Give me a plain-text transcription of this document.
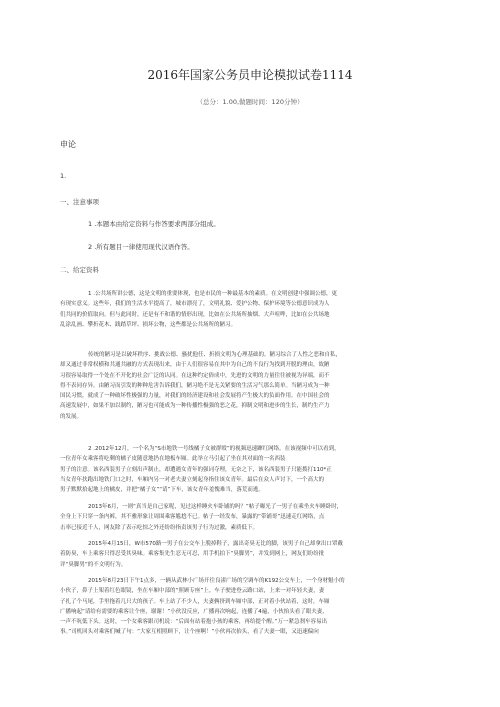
2016年国家公务员申论模拟试卷1114
（总分：1.00,做题时间：120分钟）
申论
1.
一、注意事项
1 .本题本由给定资料与作答要求两部分组成。
2 .所有题目一律使用现代汉语作答。
二、给定资料
1 .公共场所讲公德，这是文明的重要体现，也是市民的一种最基本的素质。在文明创建中强调公德，更
有现实意义。这些年，我们的生活水平提高了，城市漂亮了，文明礼貌、爱护公物、保护环境等公德意识成为人
们共同的价值取向。但与此同时，还是有不和谐的情形出现，比如在公共场所抽烟、大声喧哗，比如在公共场地
乱涂乱画、攀折花木、践踏草坪、损坏公物，这些都是公共场所的陋习。
传统的陋习是以破坏秩序、挑战公德、骚扰他任、折损文明为心理基础的。陋习综合了人性之恶和自私，
却又通过非常权横和共通共融的方式表现出来，由于人们很容易在其中为自己的不良行为找到开脱的理由，故陋
习很容易取得一个处在不开化的社会广泛的认同。在这种约定俗成中，先进的文明的力量往往被视为异端，而不
得不表同存异。由陋习而引发的种种危害告诉我们，陋习绝不是无关紧要的生活习气那么简单。当陋习成为一种
国民习惯，就成了一种破坏性极强的力量，对我们的经济建设和社会发展将产生极大的负面作用。在中国社会的
高速发展中，如果不加以制约，陋习也可能成为一种传播性极强的恶之花，抑制文明和进步的生长，制约生产力
的发展。
2 .2012年12月，一个名为“S市地铁一号线橘子女被群殴”的视频迅速蹿红网络。在该视频中可以看到，
一位青年女乘客将吃剩的橘子皮随意地扔在地板车厢。此举立马引起了坐在其对面的一名西装
男子的注意。该名西装男子立刻出声制止，却遭遇女青年的强词夺理，无奈之下，该名西装男子只能拨打110*正
当女青年扶跑出地铁门口之时，车厢内另一对老夫妻立刻起身指住该女青年。最后在众人声讨下，一个高大的
男子默默拾起地上的橘皮，并把“橘子女”“请”下车，该女青年羞愧难当，落荒而逃。
2013年6月，一则“真当是自己家呢，见过这样睡火车卧铺的吗？”帖子曝光了一男子在乘坐火车睡卧时，
全身上下只穿一条内裤，其不雅形象让周围乘客尴尬不已。帖子一经发布，暴露的“带铺哥”迅速走红网络，点
击率已接近千人，网友除了表示吃惊之外还纷纷指责该男子行为过激，素质低下。
2015年4月15日，W市570路一男子在公交车上脱掉鞋子，露出奇臭无比的脚，该男子自己却拿出口罩戴
着防臭，车上乘客只得忍受其臭味。乘客集先生忍无可忍，用手机拍下“臭脚男”，并发到网上，网友们纷纷批
评“臭脚男”的不文明行为。
2015年8月23日下午1点多，一辆从武林小广场开往良渚广场的空调车的K192公交车上，一个身材魁小的
小伙子，鼻子上架着红色眼镜，坐在车厢中部的“照顾专座”上。车子驶进登云路口站，上来一对年轻夫妻，妻
子扎了个马尾，手里拖着几只大的孩子。车上站了不少人，夫妻俩挤到车厢中部，正对着小伙站着，这时，车厢
广播响起“请给有需要的乘客让个座，谢谢！”小伙没反应，广播再次响起，连播了4遍，小伙抬头看了眼夫妻，
一声不吭低下头。这时，一个女乘客跟司机说：“后面有站着抱小孩的乘客，再给提个醒。”万一紧急刹车容易出
事。”司机回头对乘客们喊了句：“大家互相照顾下，让个座啊！”小伙再次抬头，看了夫妻一眼，又迅速偏向
